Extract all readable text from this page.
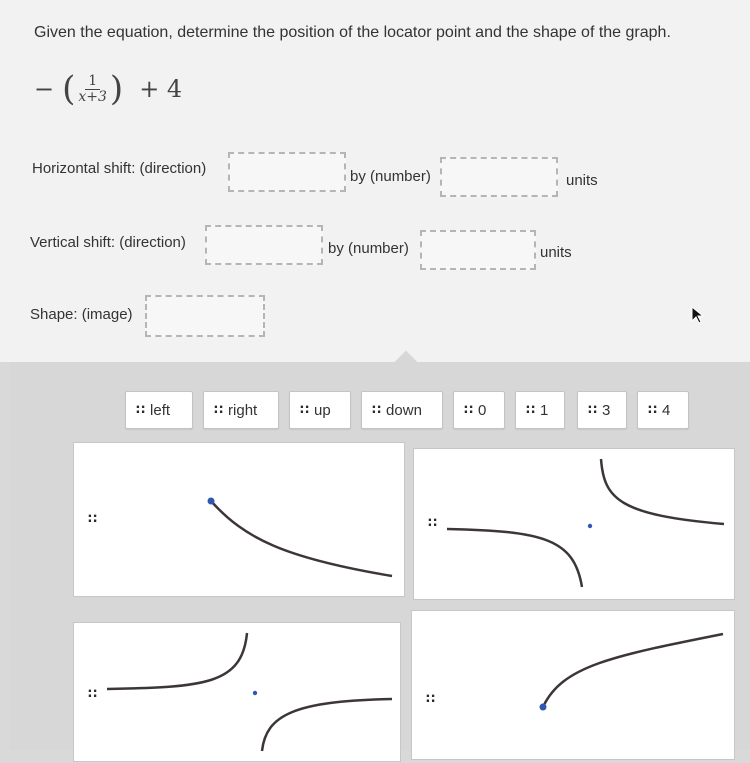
Given the equation, determine the position of the locator point and the shape of the graph.
− ( $\frac{1}{x+3}$ ) + 4
Horizontal shift: (direction)	by (number)	units
Vertical shift: (direction)	by (number)	units
Shape: (image)
∷ left	∷ right	∷ up	∷ down	∷ 0	∷ 1	∷ 3	∷ 4
∷	∷
∷	∷
